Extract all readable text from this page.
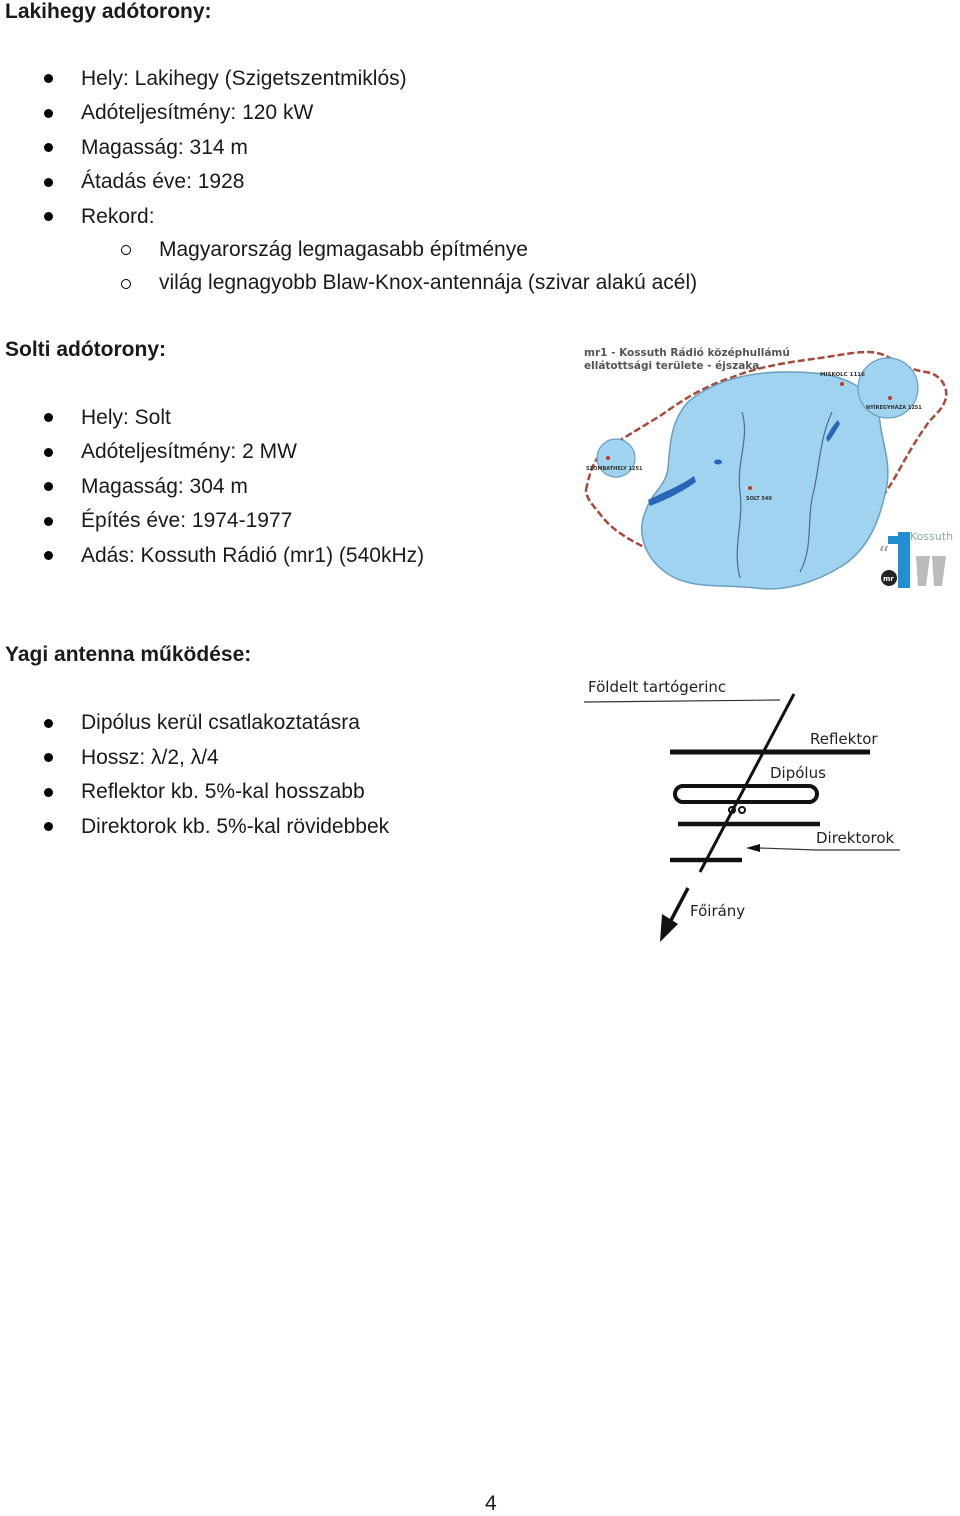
Lakihegy adótorony:
Hely: Lakihegy (Szigetszentmiklós)
Adóteljesítmény: 120 kW
Magasság: 314 m
Átadás éve: 1928
Rekord:
Magyarország legmagasabb építménye
világ legnagyobb Blaw-Knox-antennája (szivar alakú acél)
Solti adótorony:
Hely: Solt
Adóteljesítmény: 2 MW
Magasság: 304 m
Építés éve: 1974-1977
Adás: Kossuth Rádió (mr1) (540kHz)
mr1 - Kossuth Rádió középhullámú
ellátottsági területe - éjszaka
MISKOLC 1116
NYÍREGYHÁZA 1251
SZOMBATHELY 1251
SOLT 540
Kossuth
“
mr
Yagi antenna működése:
Dipólus kerül csatlakoztatásra
Hossz: λ/2, λ/4
Reflektor kb. 5%-kal hosszabb
Direktorok kb. 5%-kal rövidebbek
Földelt tartógerinc
Reflektor
Dipólus
Direktorok
Főirány
4
